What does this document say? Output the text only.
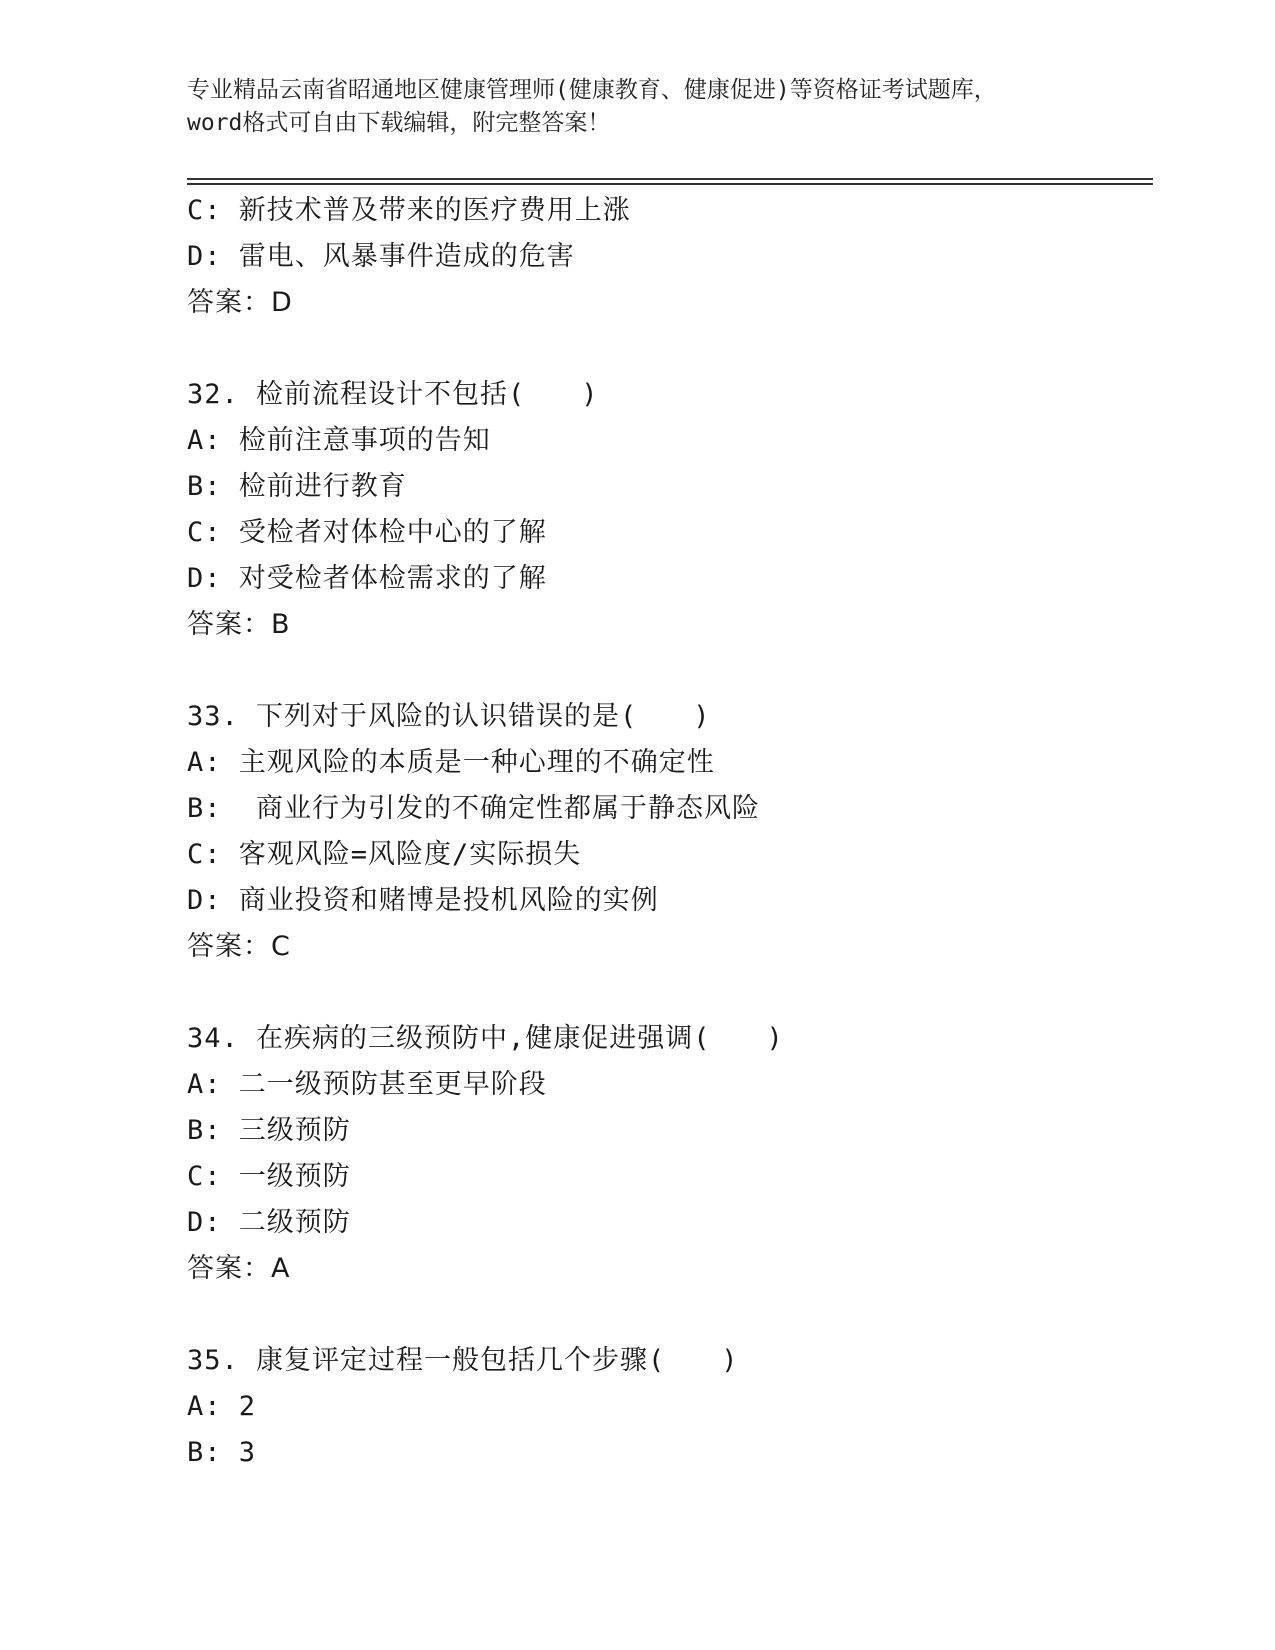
专业精品云南省昭通地区健康管理师(健康教育、健康促进)等资格证考试题库，
word格式可自由下载编辑，附完整答案！
C: 新技术普及带来的医疗费用上涨
D: 雷电、风暴事件造成的危害
答案：D
32. 检前流程设计不包括(　　)
A: 检前注意事项的告知
B: 检前进行教育
C: 受检者对体检中心的了解
D: 对受检者体检需求的了解
答案：B
33. 下列对于风险的认识错误的是(　　)
A: 主观风险的本质是一种心理的不确定性
B:  商业行为引发的不确定性都属于静态风险
C: 客观风险=风险度/实际损失
D: 商业投资和赌博是投机风险的实例
答案：C
34. 在疾病的三级预防中,健康促进强调(　　)
A: 二一级预防甚至更早阶段
B: 三级预防
C: 一级预防
D: 二级预防
答案：A
35. 康复评定过程一般包括几个步骤(　　)
A: 2
B: 3
